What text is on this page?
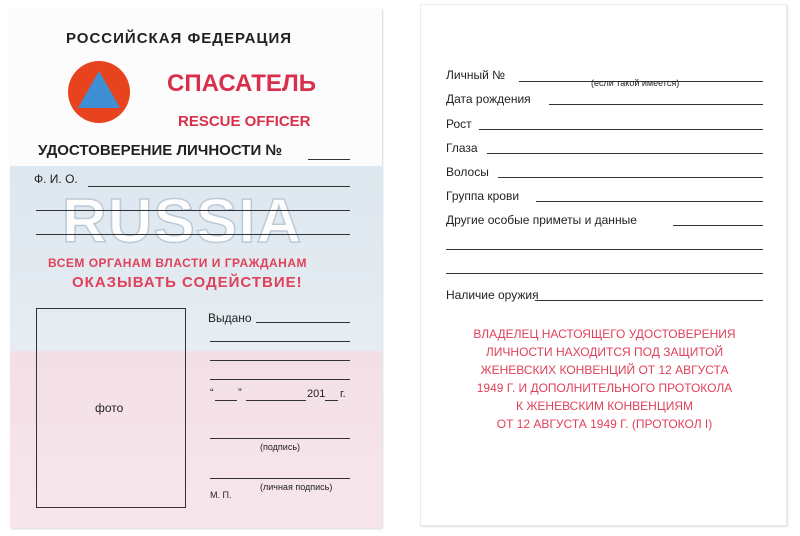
РОССИЙСКАЯ ФЕДЕРАЦИЯ
СПАСАТЕЛЬ
RESCUE OFFICER
УДОСТОВЕРЕНИЕ ЛИЧНОСТИ №
RUSSIA
Ф. И. О.
ВСЕМ ОРГАНАМ ВЛАСТИ И ГРАЖДАНАМ
ОКАЗЫВАТЬ СОДЕЙСТВИЕ!
фото
Выдано
“ ”	201 г.
(подпись)
М. П.
(личная подпись)
Личный №
(если такой имеется)
Дата рождения
Рост
Глаза
Волосы
Группа крови
Другие особые приметы и данные
Наличие оружия
ВЛАДЕЛЕЦ НАСТОЯЩЕГО УДОСТОВЕРЕНИЯ
ЛИЧНОСТИ НАХОДИТСЯ ПОД ЗАЩИТОЙ
ЖЕНЕВСКИХ КОНВЕНЦИЙ ОТ 12 АВГУСТА
1949 Г. И ДОПОЛНИТЕЛЬНОГО ПРОТОКОЛА
К ЖЕНЕВСКИМ КОНВЕНЦИЯМ
ОТ 12 АВГУСТА 1949 Г. (ПРОТОКОЛ I)
